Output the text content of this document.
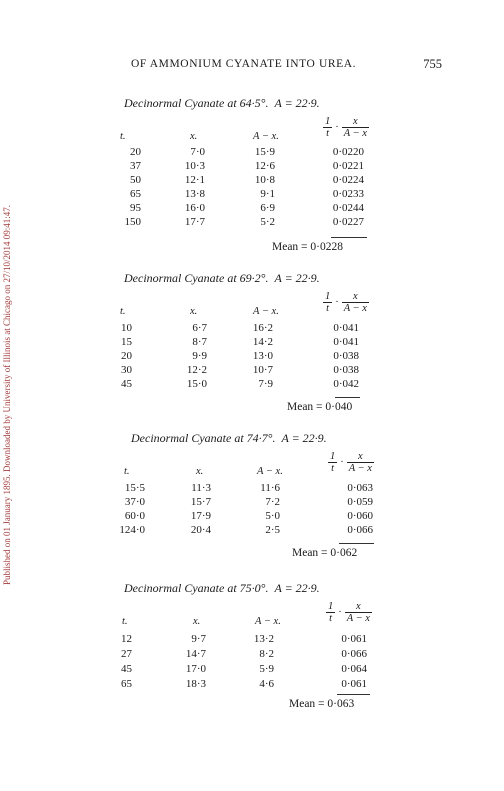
Published on 01 January 1895. Downloaded by University of Illinois at Chicago on 27/10/2014 09:41:47.
OF AMMONIUM CYANATE INTO UREA.	755
Decinormal Cyanate at 64·5°. A = 22·9.
$\frac{1}{t} \cdot \frac{x}{A - x}$
t.	x.	A − x.
20	7·0	15·9	0·0220
37	10·3	12·6	0·0221
50	12·1	10·8	0·0224
65	13·8	9·1	0·0233
95	16·0	6·9	0·0244
150	17·7	5·2	0·0227
Mean = 0·0228
Decinormal Cyanate at 69·2°. A = 22·9.
$\frac{1}{t} \cdot \frac{x}{A - x}$
t.	x.	A − x.
10	6·7	16·2	0·041
15	8·7	14·2	0·041
20	9·9	13·0	0·038
30	12·2	10·7	0·038
45	15·0	7·9	0·042
Mean = 0·040
Decinormal Cyanate at 74·7°. A = 22·9.
$\frac{1}{t} \cdot \frac{x}{A - x}$
t.	x.	A − x.
15·5	11·3	11·6	0·063
37·0	15·7	7·2	0·059
60·0	17·9	5·0	0·060
124·0	20·4	2·5	0·066
Mean = 0·062
Decinormal Cyanate at 75·0°. A = 22·9.
$\frac{1}{t} \cdot \frac{x}{A - x}$
t.	x.	A − x.
12	9·7	13·2	0·061
27	14·7	8·2	0·066
45	17·0	5·9	0·064
65	18·3	4·6	0·061
Mean = 0·063
